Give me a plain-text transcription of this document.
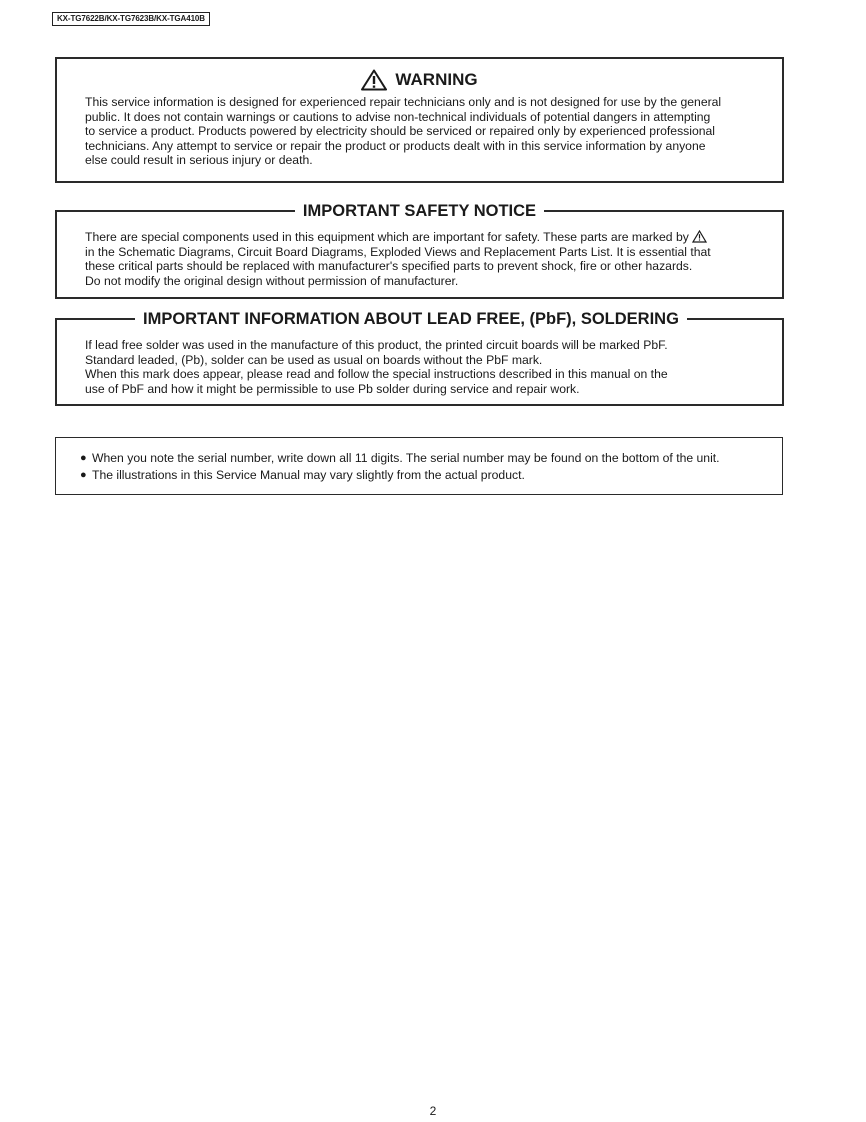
KX-TG7622B/KX-TG7623B/KX-TGA410B
WARNING

This service information is designed for experienced repair technicians only and is not designed for use by the general

public. It does not contain warnings or cautions to advise non-technical individuals of potential dangers in attempting

to service a product. Products powered by electricity should be serviced or repaired only by experienced professional

technicians. Any attempt to service or repair the product or products dealt with in this service information by anyone

else could result in serious injury or death.

IMPORTANT SAFETY NOTICE

There are special components used in this equipment which are important for safety. These parts are marked by

in the Schematic Diagrams, Circuit Board Diagrams, Exploded Views and Replacement Parts List. It is essential that

these critical parts should be replaced with manufacturer's specified parts to prevent shock, fire or other hazards.

Do not modify the original design without permission of manufacturer.

IMPORTANT INFORMATION ABOUT LEAD FREE, (PbF), SOLDERING

If lead free solder was used in the manufacture of this product, the printed circuit boards will be marked PbF.

Standard leaded, (Pb), solder can be used as usual on boards without the PbF mark.

When this mark does appear, please read and follow the special instructions described in this manual on the

use of PbF and how it might be permissible to use Pb solder during service and repair work.

● When you note the serial number, write down all 11 digits. The serial number may be found on the bottom of the unit.
● The illustrations in this Service Manual may vary slightly from the actual product.
2
